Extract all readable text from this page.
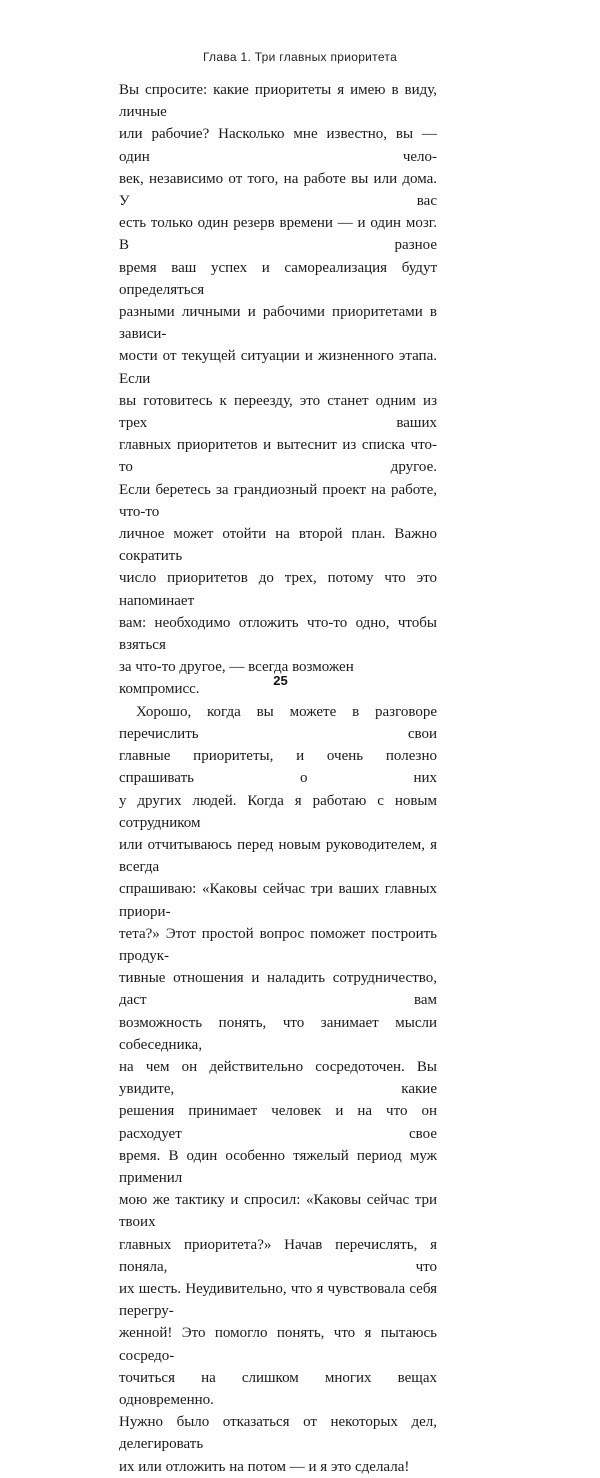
Глава 1. Три главных приоритета
Вы спросите: какие приоритеты я имею в виду, личные
или рабочие? Насколько мне известно, вы — один чело-
век, независимо от того, на работе вы или дома. У вас
есть только один резерв времени — и один мозг. В разное
время ваш успех и самореализация будут определяться
разными личными и рабочими приоритетами в зависи-
мости от текущей ситуации и жизненного этапа. Если
вы готовитесь к переезду, это станет одним из трех ваших
главных приоритетов и вытеснит из списка что-то другое.
Если беретесь за грандиозный проект на работе, что-то
личное может отойти на второй план. Важно сократить
число приоритетов до трех, потому что это напоминает
вам: необходимо отложить что-то одно, чтобы взяться
за что-то другое, — всегда возможен компромисс.
Хорошо, когда вы можете в разговоре перечислить свои
главные приоритеты, и очень полезно спрашивать о них
у других людей. Когда я работаю с новым сотрудником
или отчитываюсь перед новым руководителем, я всегда
спрашиваю: «Каковы сейчас три ваших главных приори-
тета?» Этот простой вопрос поможет построить продук-
тивные отношения и наладить сотрудничество, даст вам
возможность понять, что занимает мысли собеседника,
на чем он действительно сосредоточен. Вы увидите, какие
решения принимает человек и на что он расходует свое
время. В один особенно тяжелый период муж применил
мою же тактику и спросил: «Каковы сейчас три твоих
главных приоритета?» Начав перечислять, я поняла, что
их шесть. Неудивительно, что я чувствовала себя перегру-
женной! Это помогло понять, что я пытаюсь сосредо-
точиться на слишком многих вещах одновременно.
Нужно было отказаться от некоторых дел, делегировать
их или отложить на потом — и я это сделала!
25
